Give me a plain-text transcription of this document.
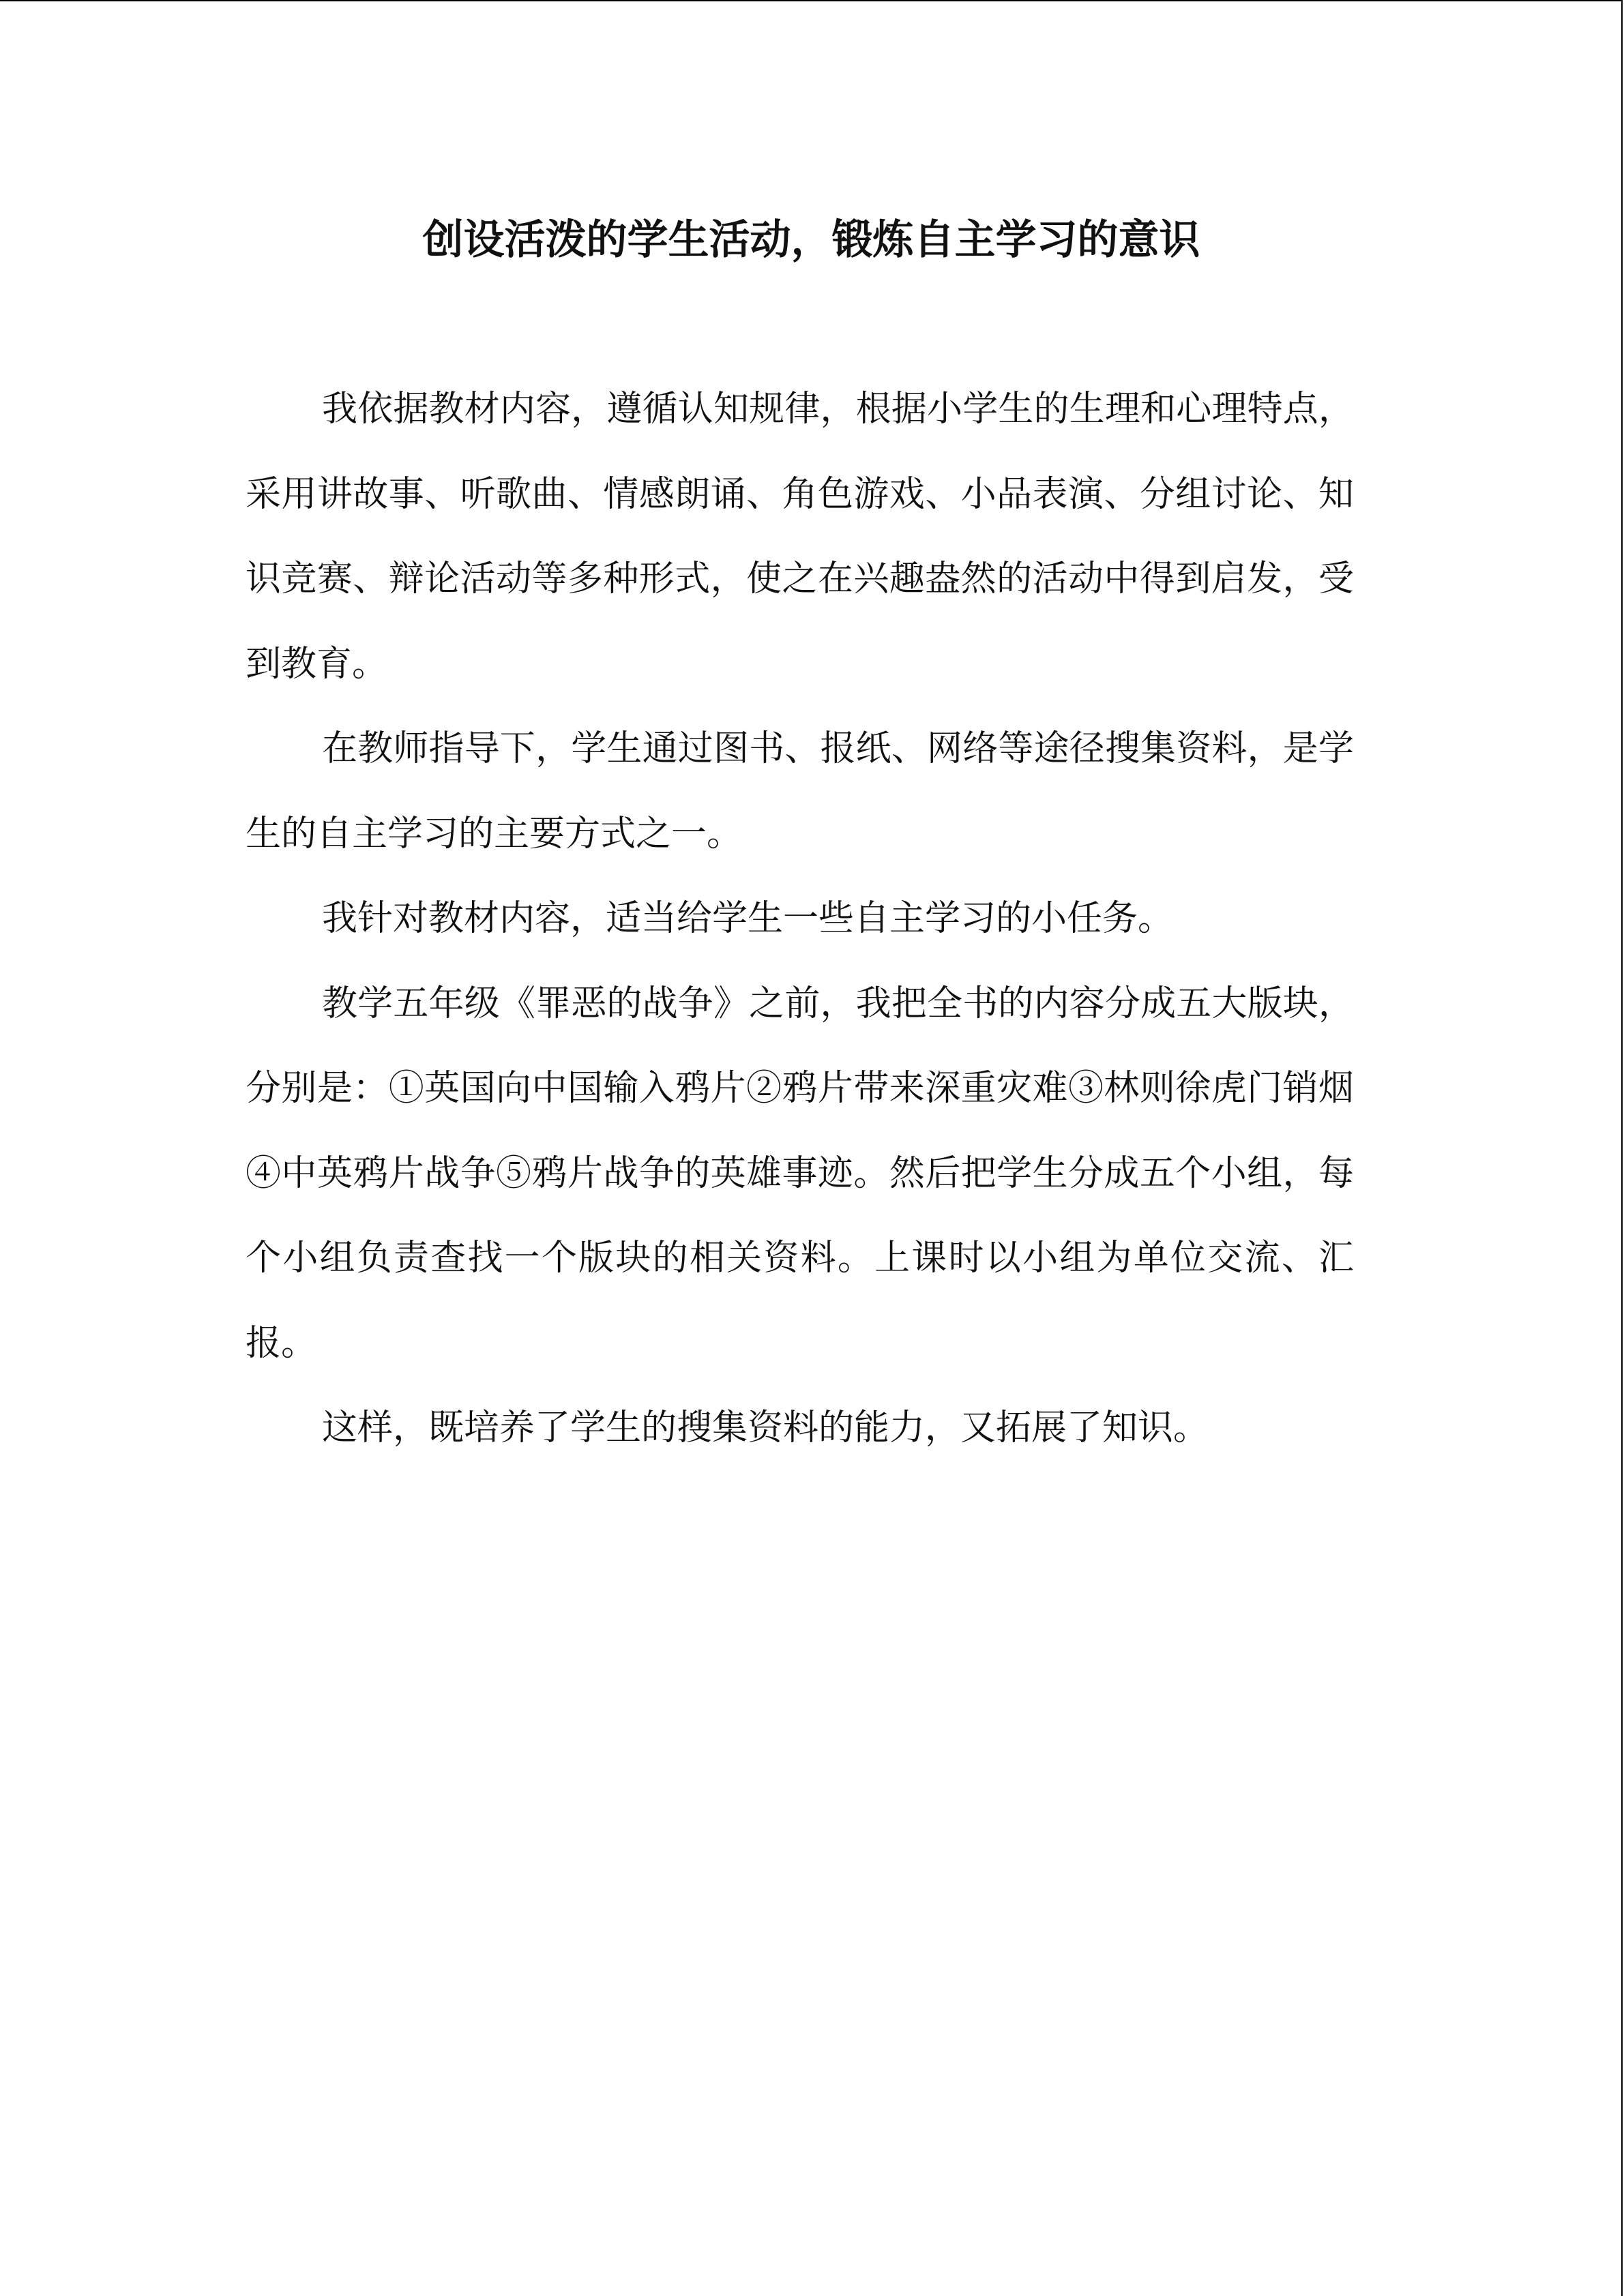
创设活泼的学生活动，锻炼自主学习的意识

我依据教材内容，遵循认知规律，根据小学生的生理和心理特点，采用讲故事、听歌曲、情感朗诵、角色游戏、小品表演、分组讨论、知识竞赛、辩论活动等多种形式，使之在兴趣盎然的活动中得到启发，受到教育。

在教师指导下，学生通过图书、报纸、网络等途径搜集资料，是学生的自主学习的主要方式之一。

我针对教材内容，适当给学生一些自主学习的小任务。

教学五年级《罪恶的战争》之前，我把全书的内容分成五大版块，分别是：①英国向中国输入鸦片②鸦片带来深重灾难③林则徐虎门销烟④中英鸦片战争⑤鸦片战争的英雄事迹。然后把学生分成五个小组，每个小组负责查找一个版块的相关资料。上课时以小组为单位交流、汇报。

这样，既培养了学生的搜集资料的能力，又拓展了知识。
